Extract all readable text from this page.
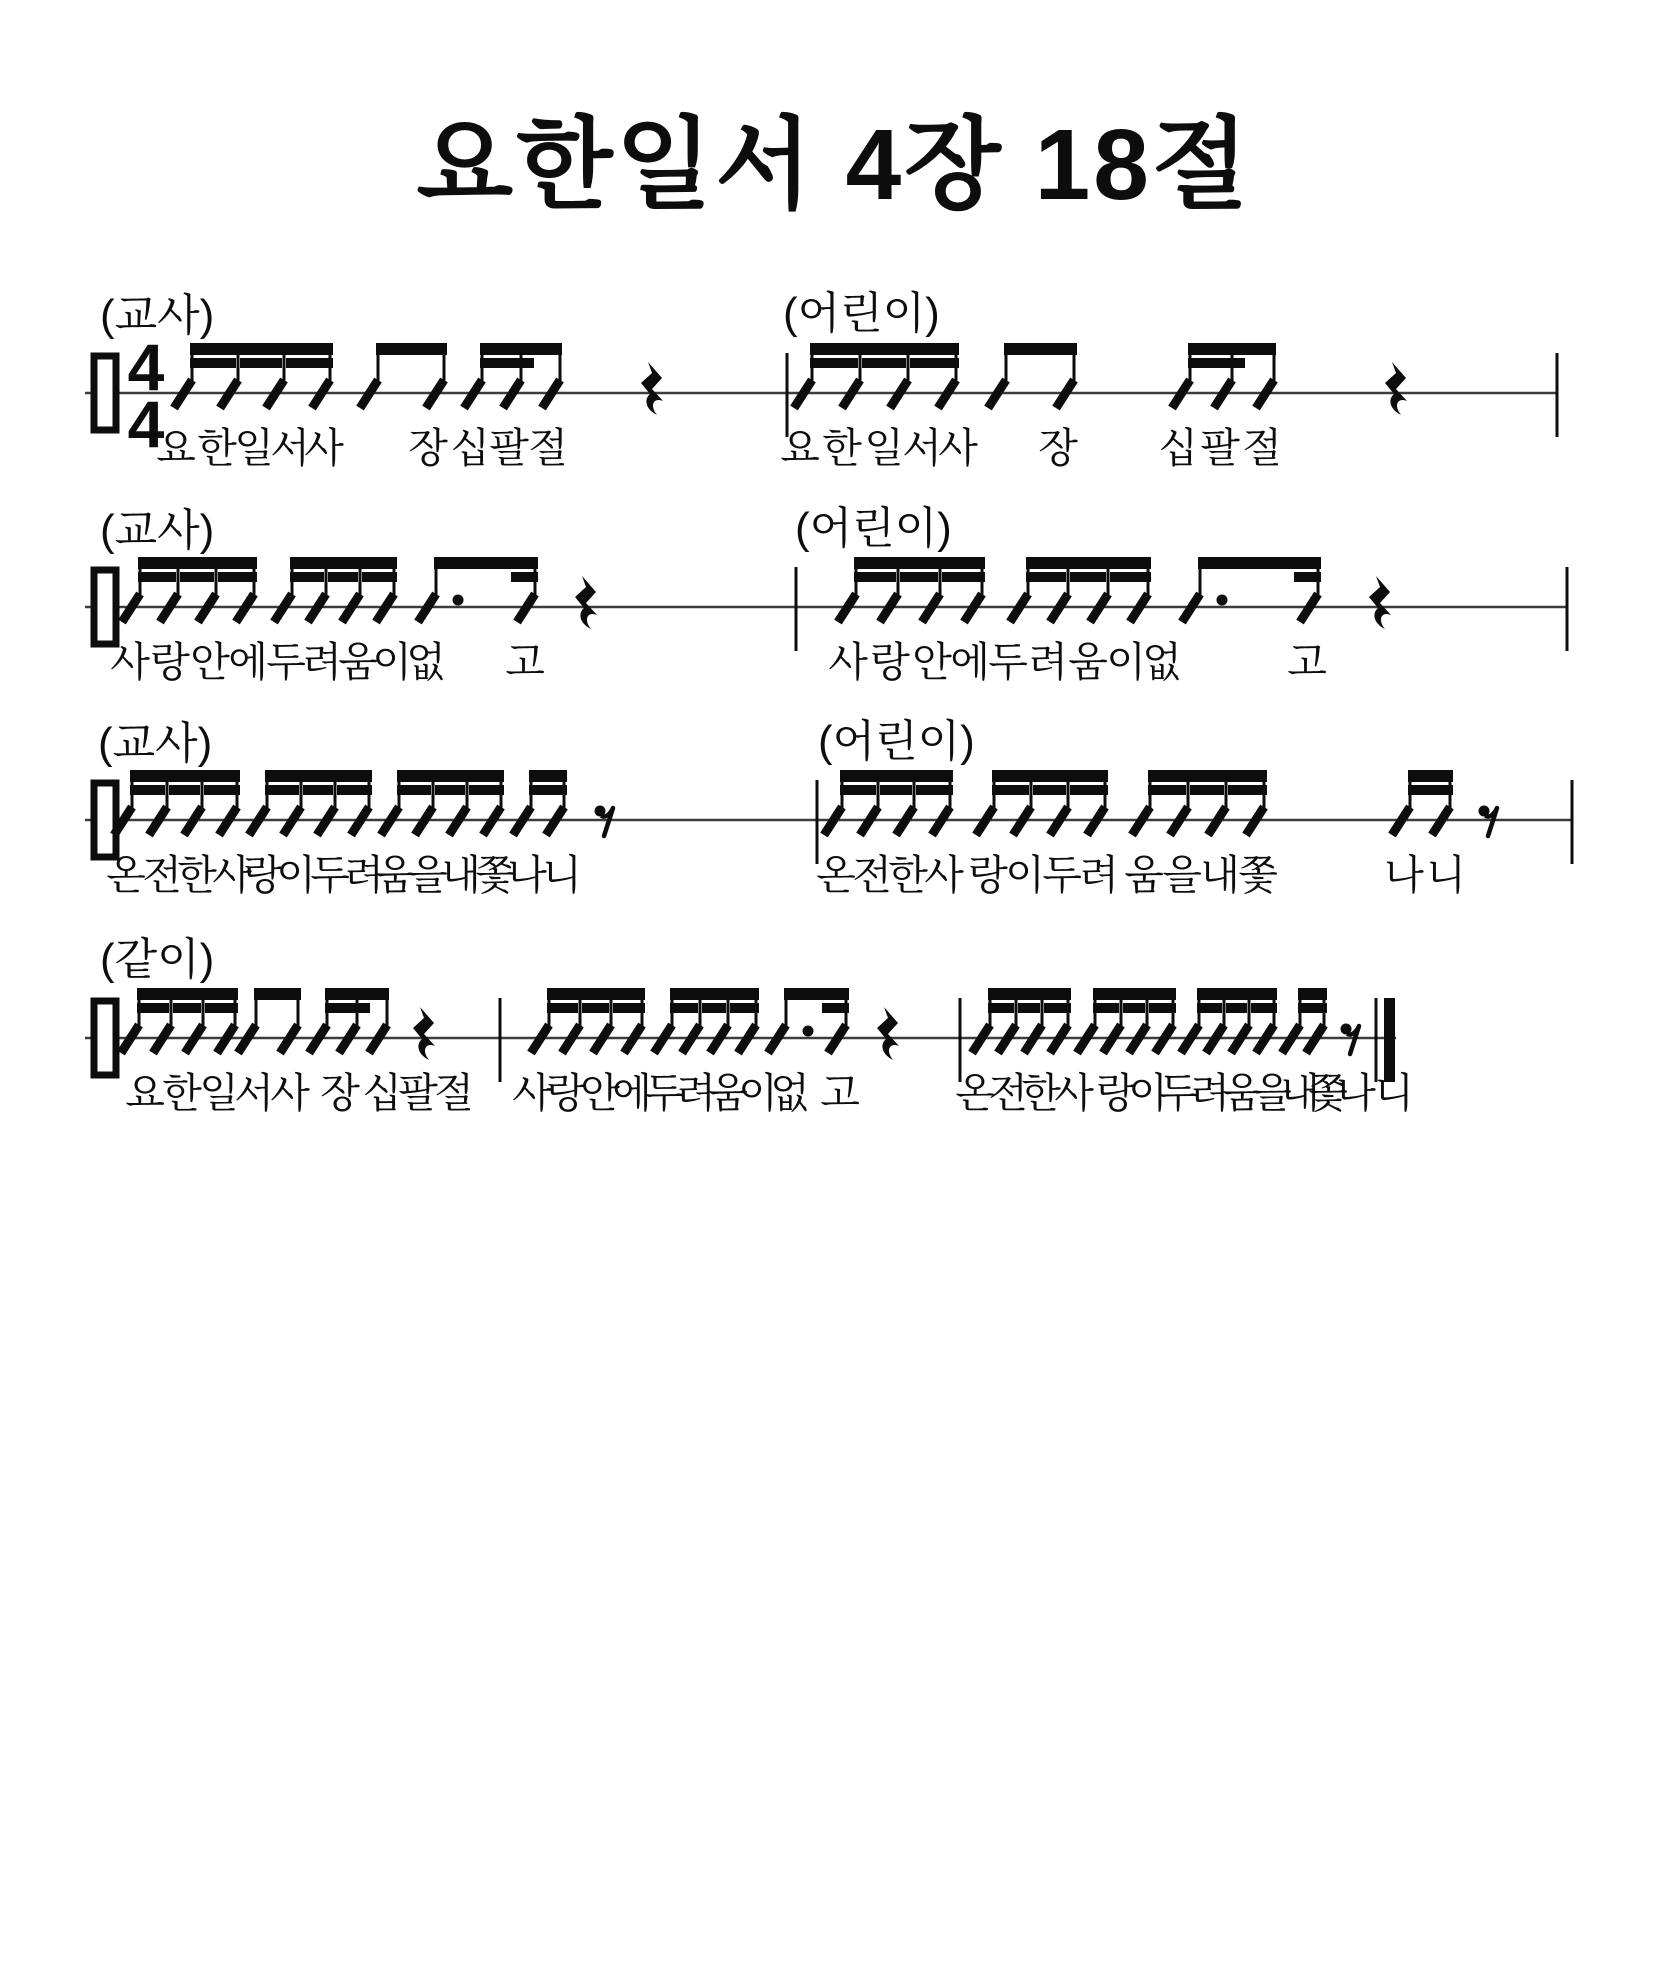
요한일서 4장 18절
(교사)	(어린이)
4
4
요 한
일
서
사 장 십 팔 절	요 한 일
서
사 장 십 팔 절
(교사)	(어린이)
사 랑 안
에
두
려
움
이
없 고	사 랑 안
에
두 려 움
이
없	고
(교사)	(어린이)
온
전
한
사
랑
이
두
려
움
을
내
쫓
나
니	온
전
한
사 랑
이
두
려 움
을
내
쫓	나 니
(같이)
요
한
일
서
사 장 십
팔
절 사
랑
안
에
두
려
움
이
없 고 온
전
한
사 랑
이
두
려
움
을
내
쫓
나
니
